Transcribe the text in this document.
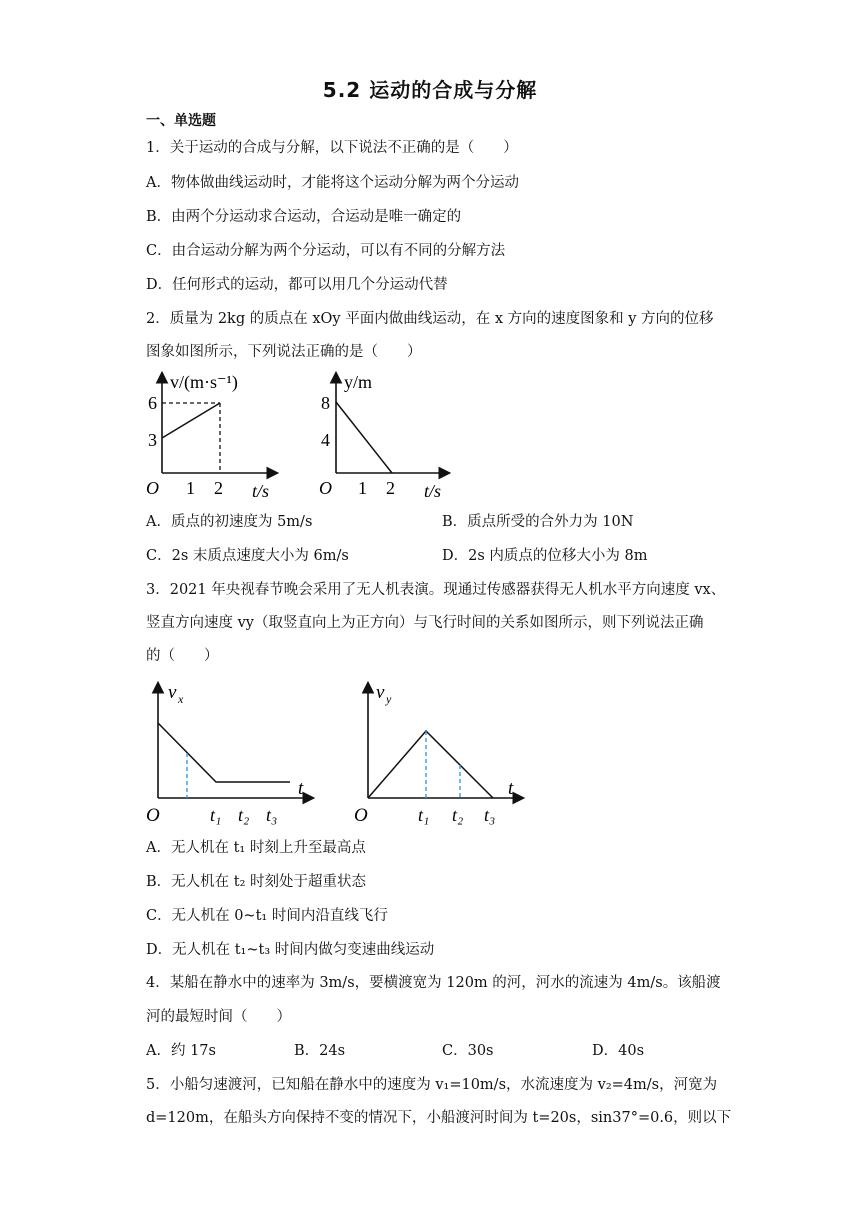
5.2 运动的合成与分解
一、单选题
1．关于运动的合成与分解，以下说法不正确的是（　　）
A．物体做曲线运动时，才能将这个运动分解为两个分运动
B．由两个分运动求合运动，合运动是唯一确定的
C．由合运动分解为两个分运动，可以有不同的分解方法
D．任何形式的运动，都可以用几个分运动代替
2．质量为 2kg 的质点在 xOy 平面内做曲线运动，在 x 方向的速度图象和 y 方向的位移
图象如图所示，下列说法正确的是（　　）
v/(m·s⁻¹)
6
3
O 1 2 t/s
y/m
8
4
O 1 2 t/s
A．质点的初速度为 5m/s	B．质点所受的合外力为 10N
C．2s 末质点速度大小为 6m/s	D．2s 内质点的位移大小为 8m
3．2021 年央视春节晚会采用了无人机表演。现通过传感器获得无人机水平方向速度 vx、
竖直方向速度 vy（取竖直向上为正方向）与飞行时间的关系如图所示，则下列说法正确
的（　　）
v x
O	t₁ t₂ t₃
t
v y
O	t₁ t₂ t₃
t
A．无人机在 t₁ 时刻上升至最高点
B．无人机在 t₂ 时刻处于超重状态
C．无人机在 0~t₁ 时间内沿直线飞行
D．无人机在 t₁~t₃ 时间内做匀变速曲线运动
4．某船在静水中的速率为 3m/s，要横渡宽为 120m 的河，河水的流速为 4m/s。该船渡
河的最短时间（　　）
A．约 17s	B．24s	C．30s	D．40s
5．小船匀速渡河，已知船在静水中的速度为 v₁=10m/s，水流速度为 v₂=4m/s，河宽为
d=120m，在船头方向保持不变的情况下，小船渡河时间为 t=20s，sin37°=0.6，则以下
